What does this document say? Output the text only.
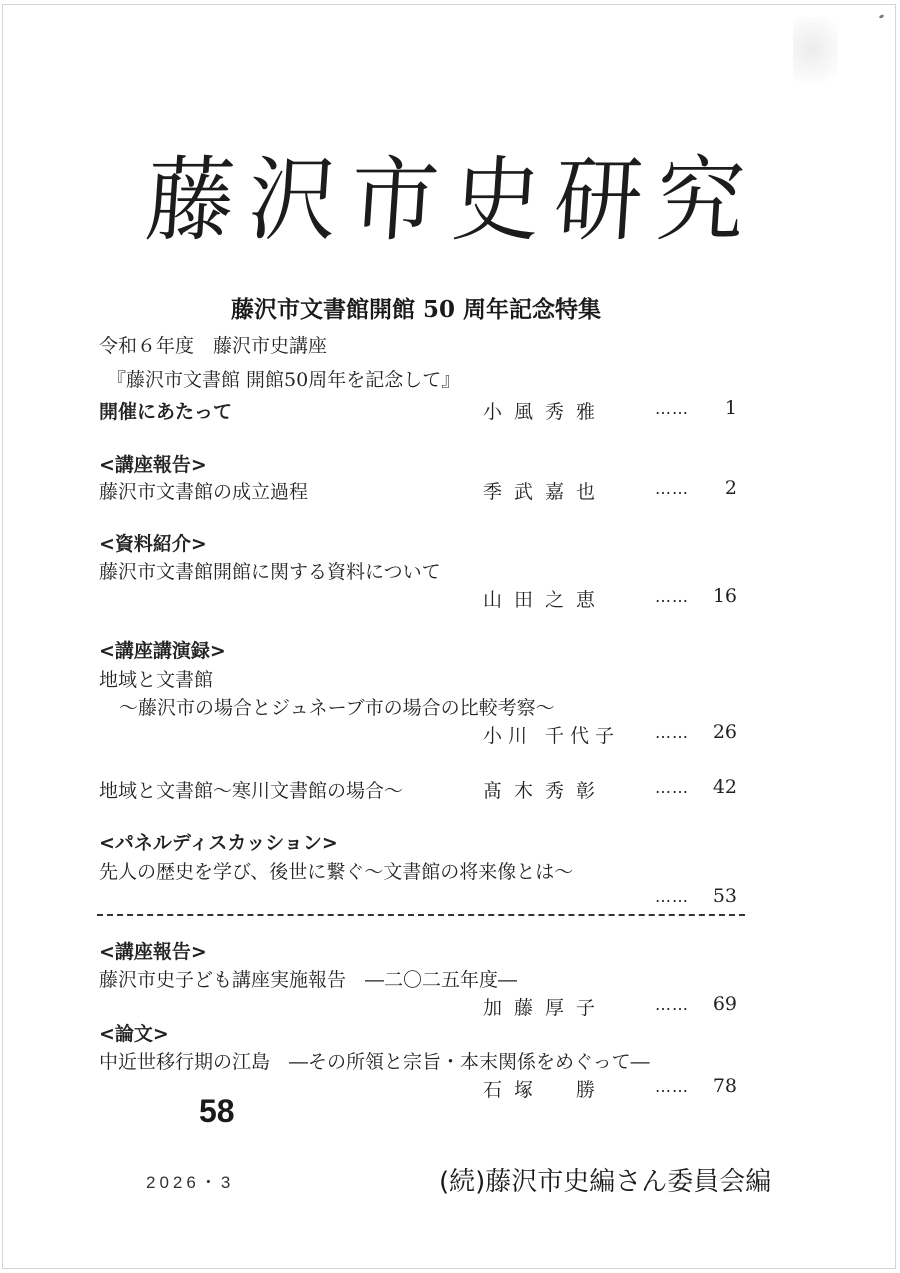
藤沢市史研究
藤沢市文書館開館 50 周年記念特集
令和６年度　藤沢市史講座
『藤沢市文書館 開館50周年を記念して』
開催にあたって	小風秀雅	…… 1
<講座報告>
藤沢市文書館の成立過程	季武嘉也	…… 2
<資料紹介>
藤沢市文書館開館に関する資料について
山田之恵	…… 16
<講座講演録>
地域と文書館
～藤沢市の場合とジュネーブ市の場合の比較考察～
小川 千代子 …… 26
地域と文書館～寒川文書館の場合～	髙木秀彰	…… 42
<パネルディスカッション>
先人の歴史を学び、後世に繋ぐ～文書館の将来像とは～
…… 53
<講座報告>
藤沢市史子ども講座実施報告　―二〇二五年度―
加藤厚子	…… 69
<論文>
中近世移行期の江島　―その所領と宗旨・本末関係をめぐって―
石塚　勝	…… 78
58
2026・3	(続)藤沢市史編さん委員会編
